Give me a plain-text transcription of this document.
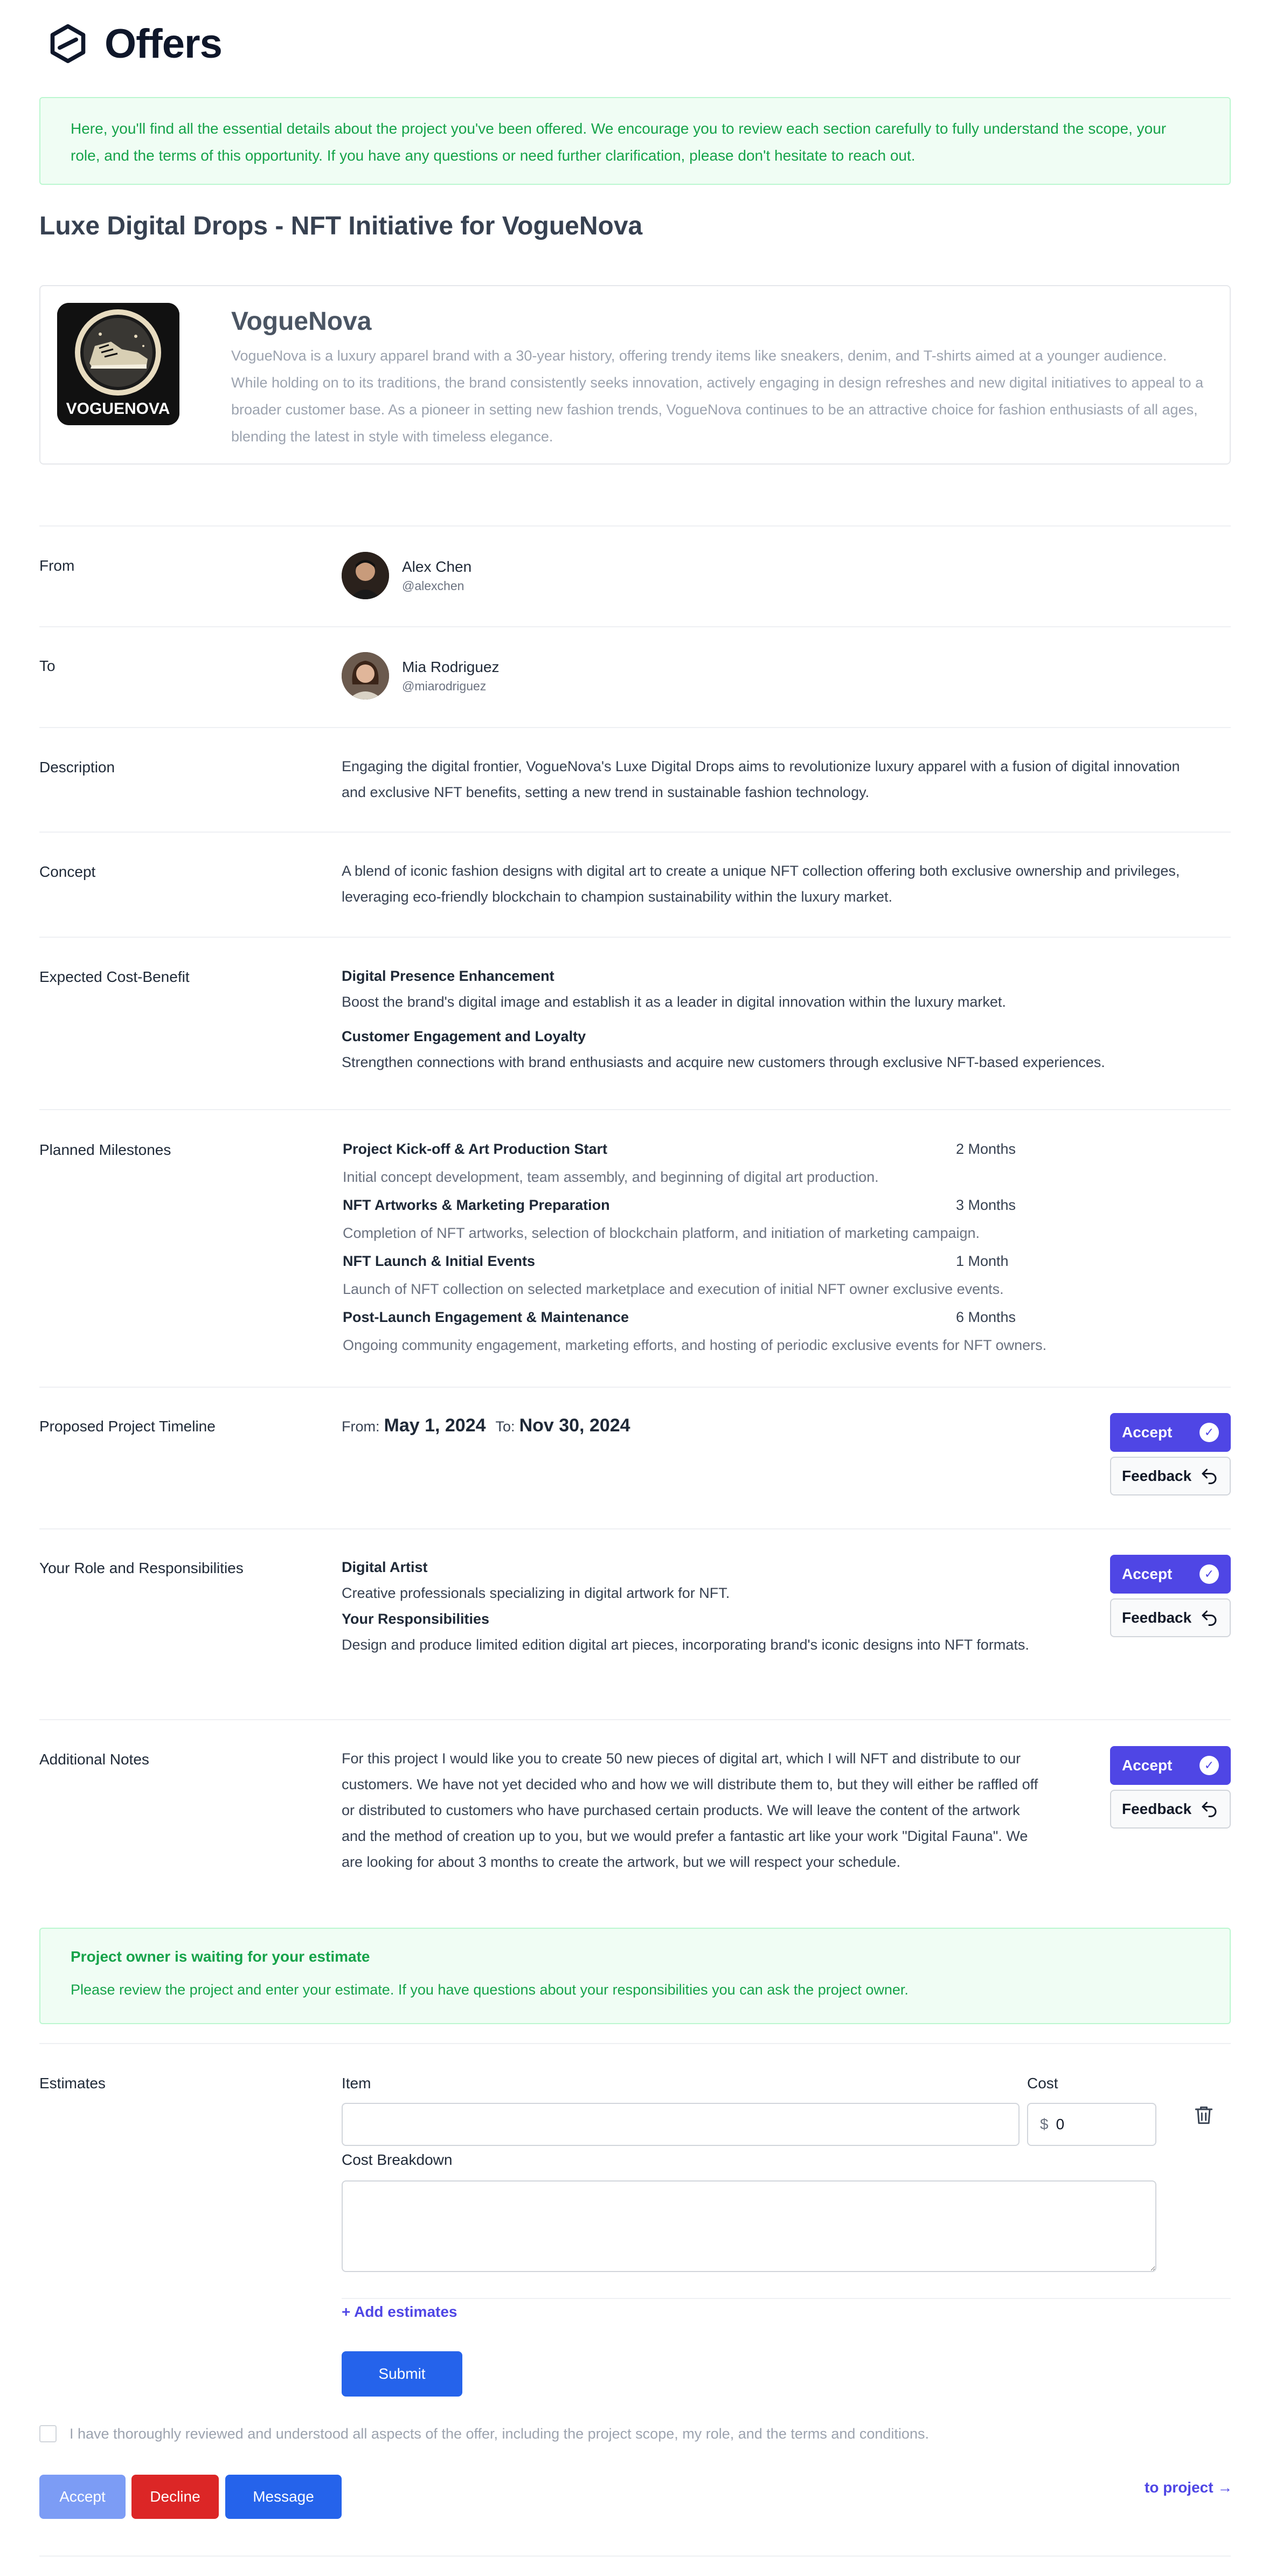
Offers
Here, you'll find all the essential details about the project you've been offered. We encourage you to review each section carefully to fully understand the scope, your role, and the terms of this opportunity. If you have any questions or need further clarification, please don't hesitate to reach out.
Luxe Digital Drops - NFT Initiative for VogueNova
VOGUENOVA
VogueNova
VogueNova is a luxury apparel brand with a 30-year history, offering trendy items like sneakers, denim, and T-shirts aimed at a younger audience. While holding on to its traditions, the brand consistently seeks innovation, actively engaging in design refreshes and new digital initiatives to appeal to a broader customer base. As a pioneer in setting new fashion trends, VogueNova continues to be an attractive choice for fashion enthusiasts of all ages, blending the latest in style with timeless elegance.
From	Alex Chen
@alexchen
To	Mia Rodriguez
@miarodriguez
Description	Engaging the digital frontier, VogueNova's Luxe Digital Drops aims to revolutionize luxury apparel with a fusion of digital innovation and exclusive NFT benefits, setting a new trend in sustainable fashion technology.
Concept	A blend of iconic fashion designs with digital art to create a unique NFT collection offering both exclusive ownership and privileges, leveraging eco-friendly blockchain to champion sustainability within the luxury market.
Expected Cost-Benefit	Digital Presence Enhancement
Boost the brand's digital image and establish it as a leader in digital innovation within the luxury market.
Customer Engagement and Loyalty
Strengthen connections with brand enthusiasts and acquire new customers through exclusive NFT-based experiences.
Planned Milestones	Project Kick-off & Art Production Start	2 Months
Initial concept development, team assembly, and beginning of digital art production.
NFT Artworks & Marketing Preparation	3 Months
Completion of NFT artworks, selection of blockchain platform, and initiation of marketing campaign.
NFT Launch & Initial Events	1 Month
Launch of NFT collection on selected marketplace and execution of initial NFT owner exclusive events.
Post-Launch Engagement & Maintenance	6 Months
Ongoing community engagement, marketing efforts, and hosting of periodic exclusive events for NFT owners.
Proposed Project Timeline	From: May 1, 2024 To: Nov 30, 2024	Accept	✓
Feedback
Your Role and Responsibilities	Digital Artist
Creative professionals specializing in digital artwork for NFT.
Your Responsibilities
Design and produce limited edition digital art pieces, incorporating brand's iconic designs into NFT formats.
Accept	✓
Feedback
Additional Notes	For this project I would like you to create 50 new pieces of digital art, which I will NFT and distribute to our customers. We have not yet decided who and how we will distribute them to, but they will either be raffled off or distributed to customers who have purchased certain products. We will leave the content of the artwork and the method of creation up to you, but we would prefer a fantastic art like your work "Digital Fauna". We are looking for about 3 months to create the artwork, but we will respect your schedule.
Accept	✓
Feedback
Project owner is waiting for your estimate
Please review the project and enter your estimate. If you have questions about your responsibilities you can ask the project owner.
Estimates	Item	Cost
$ 0
Cost Breakdown
+ Add estimates
Submit
I have thoroughly reviewed and understood all aspects of the offer, including the project scope, my role, and the terms and conditions.
Accept	Decline	Message
to project →
